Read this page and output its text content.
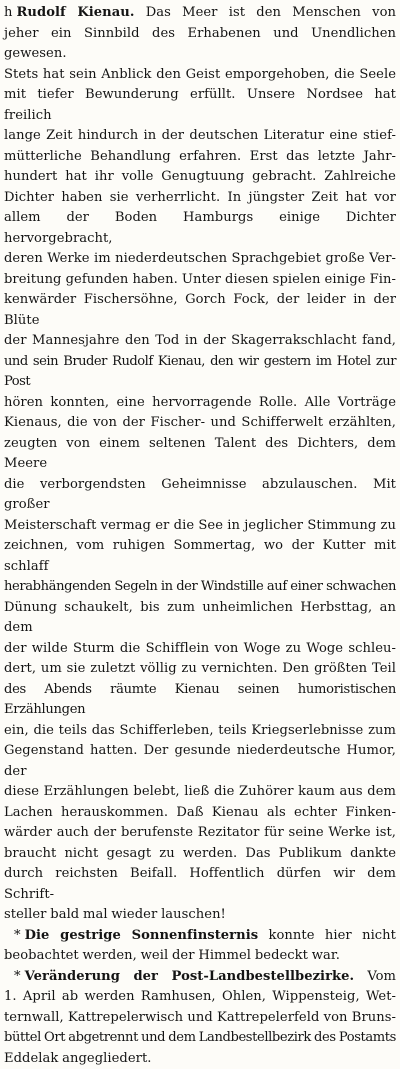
h Rudolf Kienau. Das Meer ist den Menschen von

jeher ein Sinnbild des Erhabenen und Unendlichen gewesen.

Stets hat sein Anblick den Geist emporgehoben, die Seele

mit tiefer Bewunderung erfüllt. Unsere Nordsee hat freilich

lange Zeit hindurch in der deutschen Literatur eine stief-

mütterliche Behandlung erfahren. Erst das letzte Jahr-

hundert hat ihr volle Genugtuung gebracht. Zahlreiche

Dichter haben sie verherrlicht. In jüngster Zeit hat vor

allem der Boden Hamburgs einige Dichter hervorgebracht,

deren Werke im niederdeutschen Sprachgebiet große Ver-

breitung gefunden haben. Unter diesen spielen einige Fin-

kenwärder Fischersöhne, Gorch Fock, der leider in der Blüte

der Mannesjahre den Tod in der Skagerrakschlacht fand,

und sein Bruder Rudolf Kienau, den wir gestern im Hotel zur Post

hören konnten, eine hervorragende Rolle. Alle Vorträge

Kienaus, die von der Fischer- und Schifferwelt erzählten,

zeugten von einem seltenen Talent des Dichters, dem Meere

die verborgendsten Geheimnisse abzulauschen. Mit großer

Meisterschaft vermag er die See in jeglicher Stimmung zu

zeichnen, vom ruhigen Sommertag, wo der Kutter mit schlaff

herabhängenden Segeln in der Windstille auf einer schwachen

Dünung schaukelt, bis zum unheimlichen Herbsttag, an dem

der wilde Sturm die Schifflein von Woge zu Woge schleu-

dert, um sie zuletzt völlig zu vernichten. Den größten Teil

des Abends räumte Kienau seinen humoristischen Erzählungen

ein, die teils das Schifferleben, teils Kriegserlebnisse zum

Gegenstand hatten. Der gesunde niederdeutsche Humor, der

diese Erzählungen belebt, ließ die Zuhörer kaum aus dem

Lachen herauskommen. Daß Kienau als echter Finken-

wärder auch der berufenste Rezitator für seine Werke ist,

braucht nicht gesagt zu werden. Das Publikum dankte

durch reichsten Beifall. Hoffentlich dürfen wir dem Schrift-

steller bald mal wieder lauschen!

* Die gestrige Sonnenfinsternis konnte hier nicht

beobachtet werden, weil der Himmel bedeckt war.

* Veränderung der Post-Landbestellbezirke. Vom

1. April ab werden Ramhusen, Ohlen, Wippensteig, Wet-

ternwall, Kattrepelerwisch und Kattrepelerfeld von Bruns-

büttel Ort abgetrennt und dem Landbestellbezirk des Postamts

Eddelak angegliedert.
